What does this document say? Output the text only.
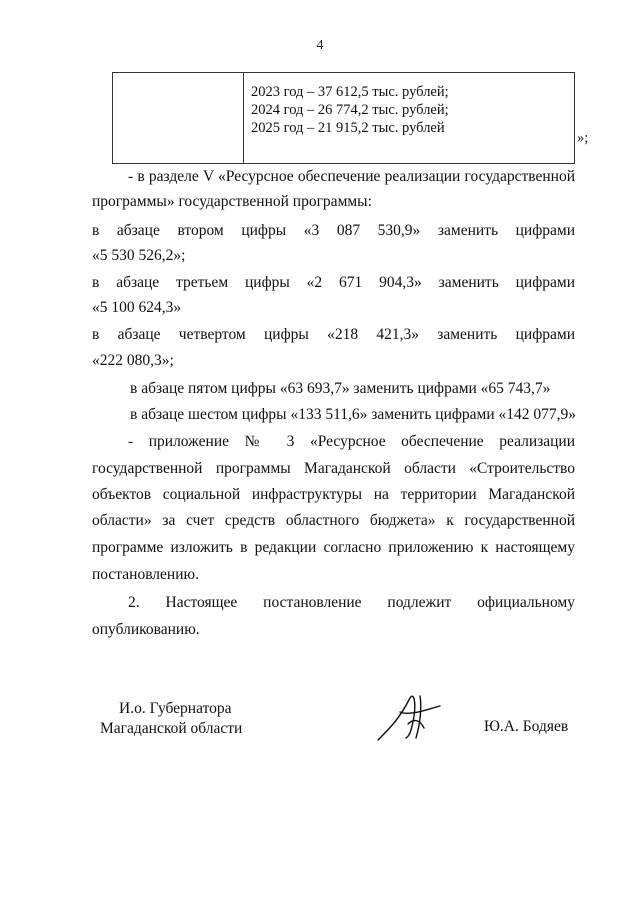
4
2023 год – 37 612,5 тыс. рублей;
2024 год – 26 774,2 тыс. рублей;
2025 год – 21 915,2 тыс. рублей
»;
- в разделе V «Ресурсное обеспечение реализации государственной
программы» государственной программы:
в абзаце втором цифры «3 087 530,9» заменить цифрами
«5 530 526,2»;
в абзаце третьем цифры «2 671 904,3» заменить цифрами
«5 100 624,3»
в абзаце четвертом цифры «218 421,3» заменить цифрами
«222 080,3»;
в абзаце пятом цифры «63 693,7» заменить цифрами «65 743,7»
в абзаце шестом цифры «133 511,6» заменить цифрами «142 077,9»
- приложение № 3 «Ресурсное обеспечение реализации
государственной программы Магаданской области «Строительство
объектов социальной инфраструктуры на территории Магаданской
области» за счет средств областного бюджета» к государственной
программе изложить в редакции согласно приложению к настоящему
постановлению.
2. Настоящее постановление подлежит официальному
опубликованию.
И.о. Губернатора
Магаданской области	Ю.А. Бодяев
